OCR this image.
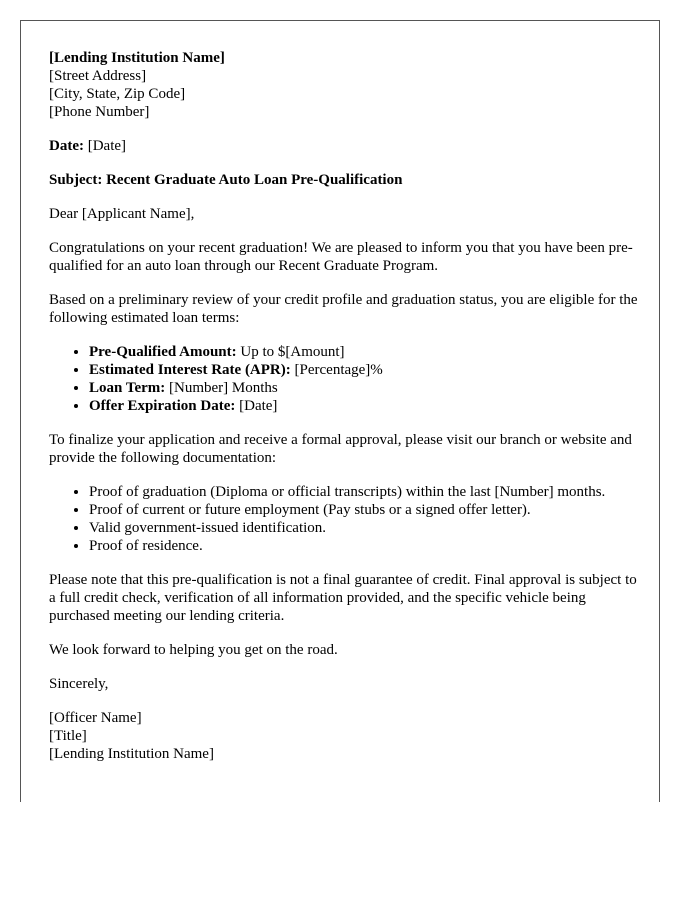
[Lending Institution Name]
[Street Address]
[City, State, Zip Code]
[Phone Number]

Date: [Date]

Subject: Recent Graduate Auto Loan Pre-Qualification

Dear [Applicant Name],

Congratulations on your recent graduation! We are pleased to inform you that you have been pre-qualified for an auto loan through our Recent Graduate Program.

Based on a preliminary review of your credit profile and graduation status, you are eligible for the following estimated loan terms:

• Pre-Qualified Amount: Up to $[Amount]
• Estimated Interest Rate (APR): [Percentage]%
• Loan Term: [Number] Months
• Offer Expiration Date: [Date]

To finalize your application and receive a formal approval, please visit our branch or website and provide the following documentation:

• Proof of graduation (Diploma or official transcripts) within the last [Number] months.
• Proof of current or future employment (Pay stubs or a signed offer letter).
• Valid government-issued identification.
• Proof of residence.

Please note that this pre-qualification is not a final guarantee of credit. Final approval is subject to a full credit check, verification of all information provided, and the specific vehicle being purchased meeting our lending criteria.

We look forward to helping you get on the road.

Sincerely,

[Officer Name]
[Title]
[Lending Institution Name]
